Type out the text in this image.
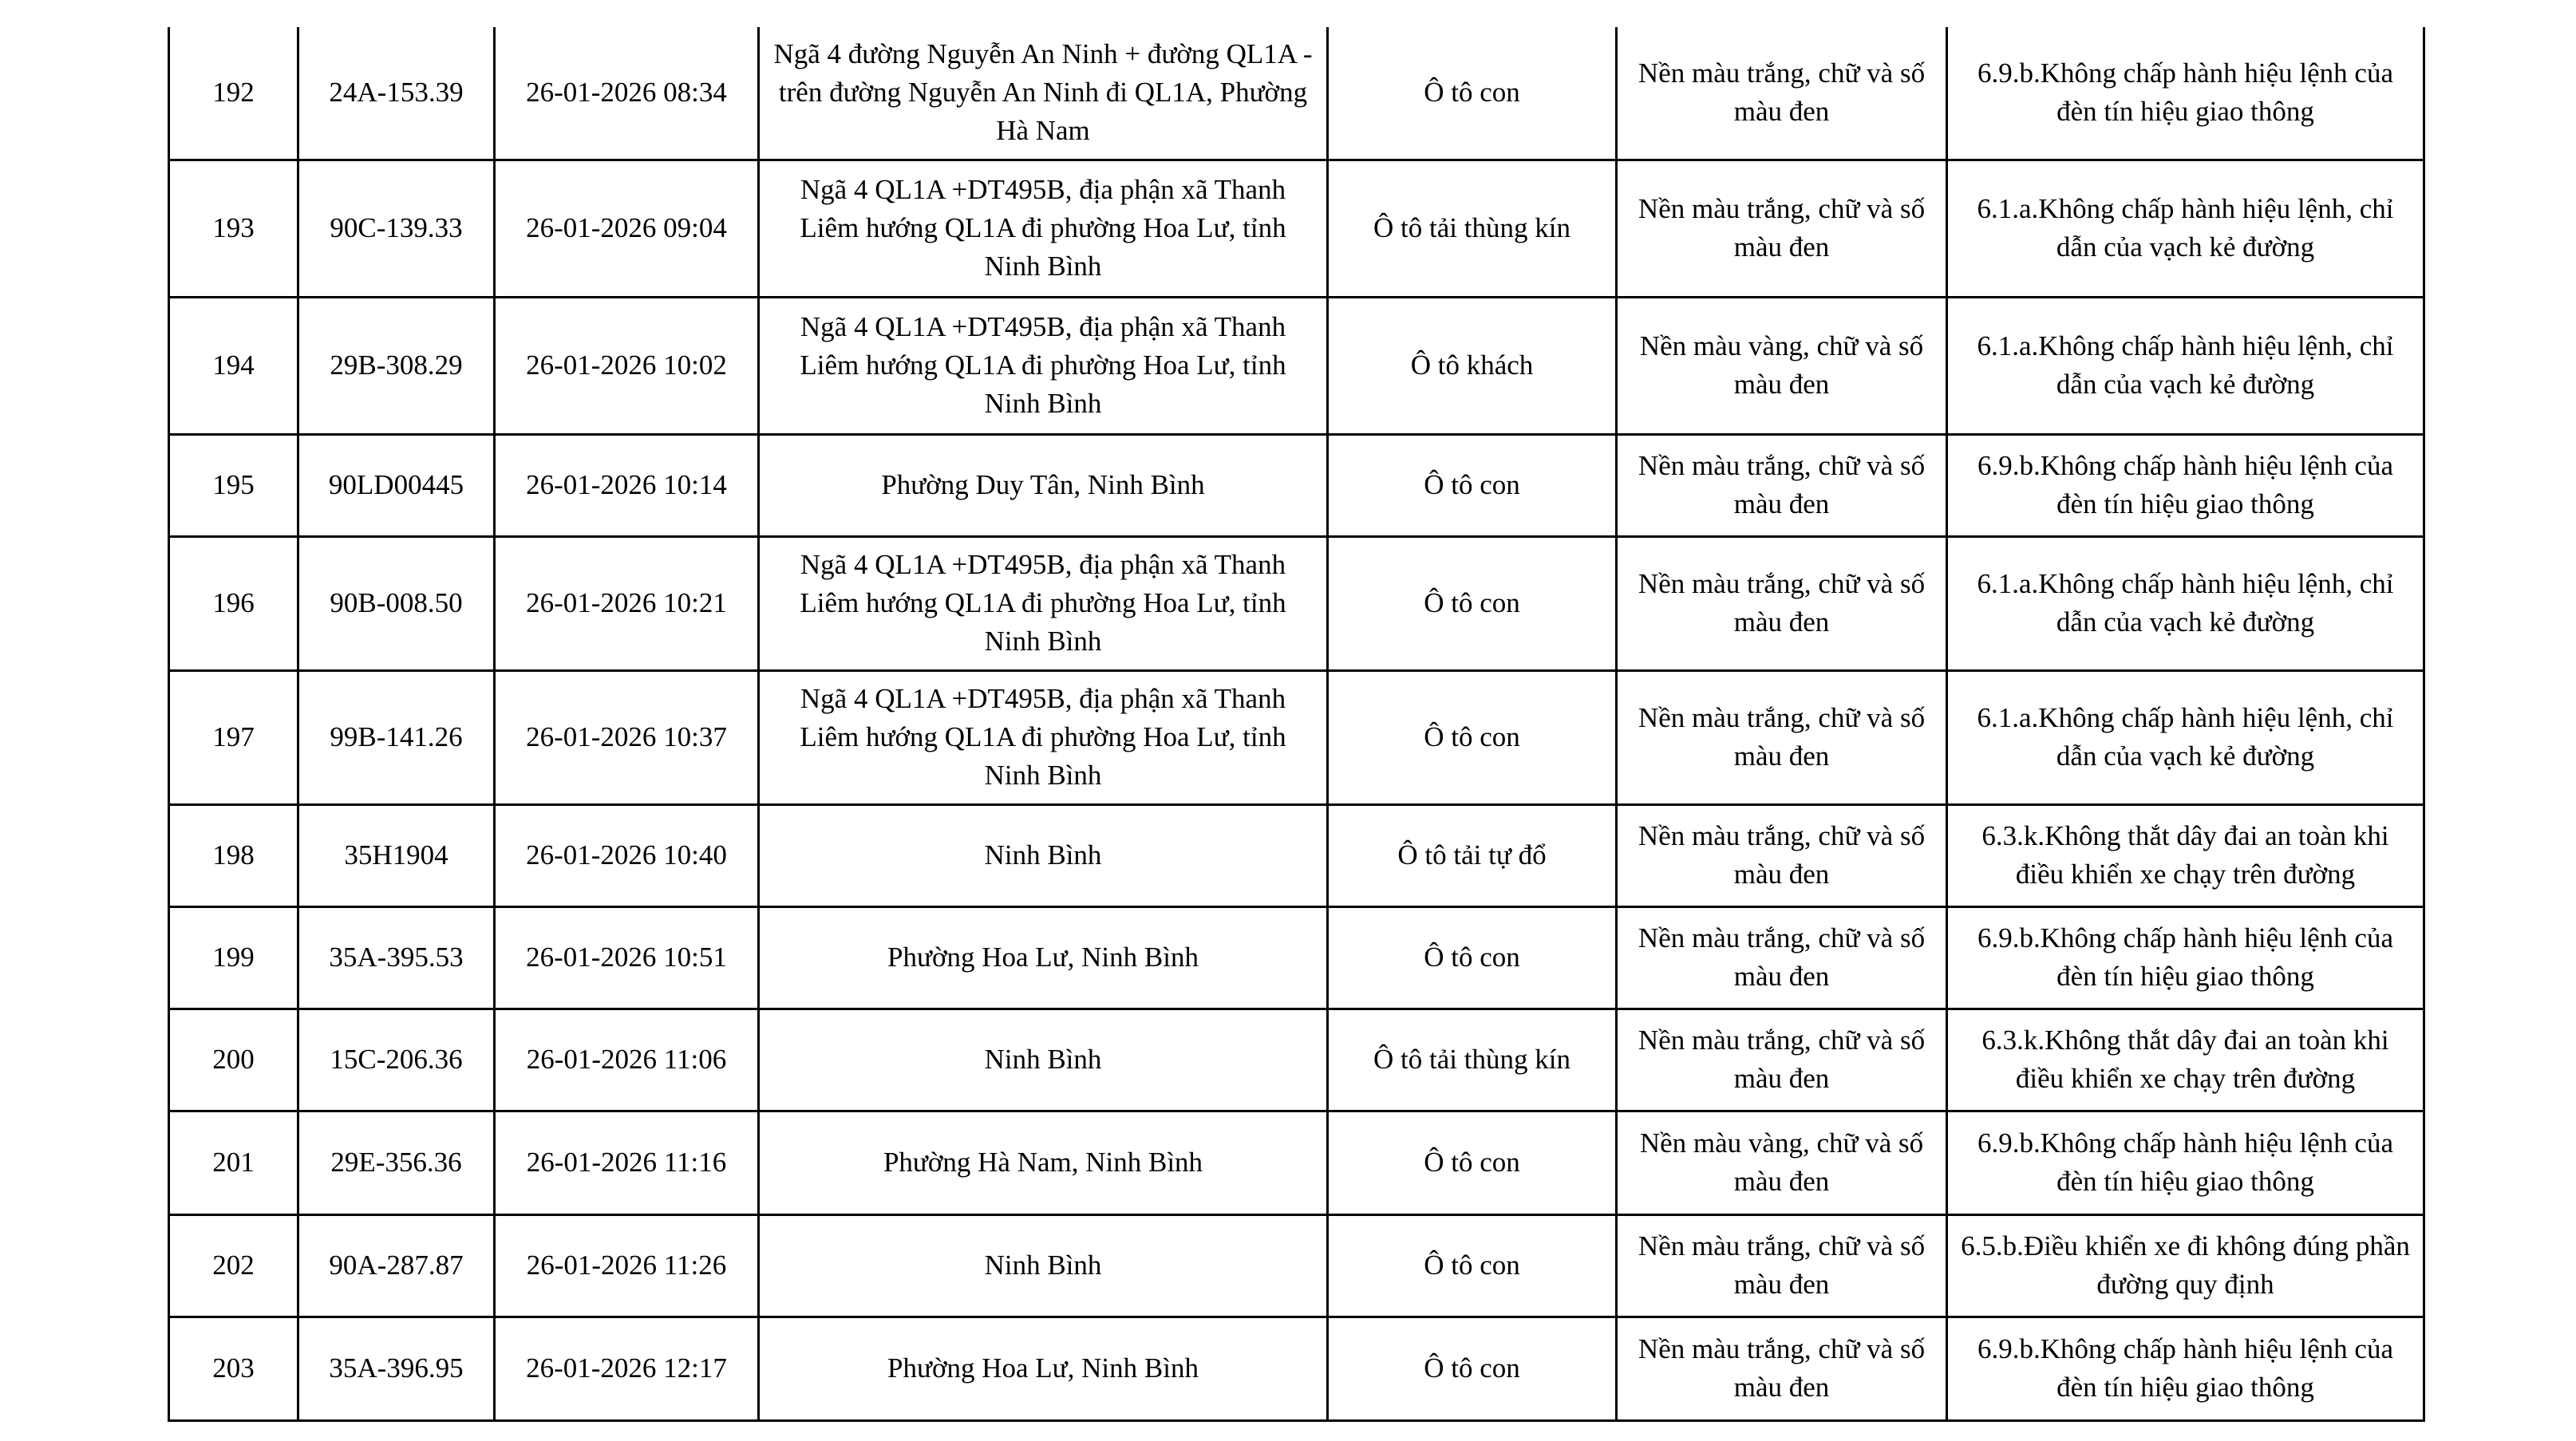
192	24A-153.39	26-01-2026 08:34	Ngã 4 đường Nguyễn An Ninh + đường QL1A - trên đường Nguyễn An Ninh đi QL1A, Phường Hà Nam	Ô tô con	Nền màu trắng, chữ và số màu đen	6.9.b.Không chấp hành hiệu lệnh của đèn tín hiệu giao thông
193	90C-139.33	26-01-2026 09:04	Ngã 4 QL1A +DT495B, địa phận xã Thanh Liêm hướng QL1A đi phường Hoa Lư, tỉnh Ninh Bình	Ô tô tải thùng kín	Nền màu trắng, chữ và số màu đen	6.1.a.Không chấp hành hiệu lệnh, chỉ dẫn của vạch kẻ đường
194	29B-308.29	26-01-2026 10:02	Ngã 4 QL1A +DT495B, địa phận xã Thanh Liêm hướng QL1A đi phường Hoa Lư, tỉnh Ninh Bình	Ô tô khách	Nền màu vàng, chữ và số màu đen	6.1.a.Không chấp hành hiệu lệnh, chỉ dẫn của vạch kẻ đường
195	90LD00445	26-01-2026 10:14	Phường Duy Tân, Ninh Bình	Ô tô con	Nền màu trắng, chữ và số màu đen	6.9.b.Không chấp hành hiệu lệnh của đèn tín hiệu giao thông
196	90B-008.50	26-01-2026 10:21	Ngã 4 QL1A +DT495B, địa phận xã Thanh Liêm hướng QL1A đi phường Hoa Lư, tỉnh Ninh Bình	Ô tô con	Nền màu trắng, chữ và số màu đen	6.1.a.Không chấp hành hiệu lệnh, chỉ dẫn của vạch kẻ đường
197	99B-141.26	26-01-2026 10:37	Ngã 4 QL1A +DT495B, địa phận xã Thanh Liêm hướng QL1A đi phường Hoa Lư, tỉnh Ninh Bình	Ô tô con	Nền màu trắng, chữ và số màu đen	6.1.a.Không chấp hành hiệu lệnh, chỉ dẫn của vạch kẻ đường
198	35H1904	26-01-2026 10:40	Ninh Bình	Ô tô tải tự đổ	Nền màu trắng, chữ và số màu đen	6.3.k.Không thắt dây đai an toàn khi điều khiển xe chạy trên đường
199	35A-395.53	26-01-2026 10:51	Phường Hoa Lư, Ninh Bình	Ô tô con	Nền màu trắng, chữ và số màu đen	6.9.b.Không chấp hành hiệu lệnh của đèn tín hiệu giao thông
200	15C-206.36	26-01-2026 11:06	Ninh Bình	Ô tô tải thùng kín	Nền màu trắng, chữ và số màu đen	6.3.k.Không thắt dây đai an toàn khi điều khiển xe chạy trên đường
201	29E-356.36	26-01-2026 11:16	Phường Hà Nam, Ninh Bình	Ô tô con	Nền màu vàng, chữ và số màu đen	6.9.b.Không chấp hành hiệu lệnh của đèn tín hiệu giao thông
202	90A-287.87	26-01-2026 11:26	Ninh Bình	Ô tô con	Nền màu trắng, chữ và số màu đen	6.5.b.Điều khiển xe đi không đúng phần đường quy định
203	35A-396.95	26-01-2026 12:17	Phường Hoa Lư, Ninh Bình	Ô tô con	Nền màu trắng, chữ và số màu đen	6.9.b.Không chấp hành hiệu lệnh của đèn tín hiệu giao thông
